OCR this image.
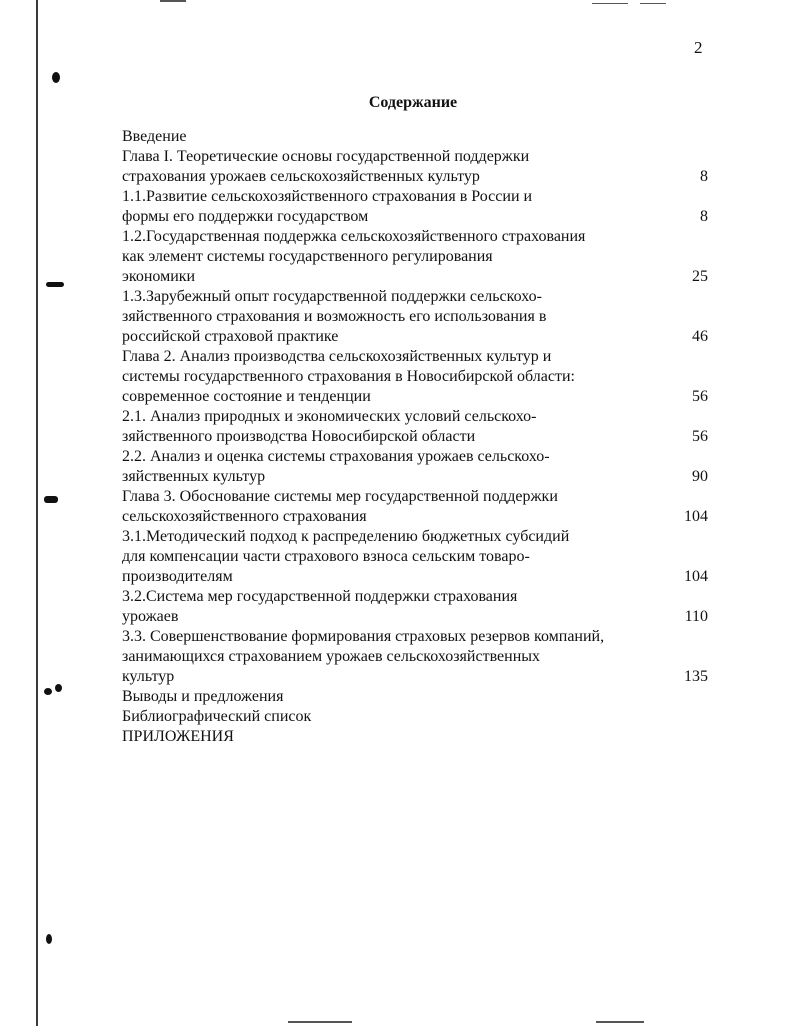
2
Содержание
Введение
Глава I. Теоретические основы государственной поддержки
страхования урожаев сельскохозяйственных культур	8
1.1.Развитие сельскохозяйственного страхования в России и
формы его поддержки государством	8
1.2.Государственная поддержка сельскохозяйственного страхования
как элемент системы государственного регулирования
экономики	25
1.3.Зарубежный опыт государственной поддержки сельскохо-
зяйственного страхования и возможность его использования в
российской страховой практике	46
Глава 2. Анализ производства сельскохозяйственных культур и
системы государственного страхования в Новосибирской области:
современное состояние и тенденции	56
2.1. Анализ природных и экономических условий сельскохо-
зяйственного производства Новосибирской области	56
2.2. Анализ и оценка системы страхования урожаев сельскохо-
зяйственных культур	90
Глава 3. Обоснование системы мер государственной поддержки
сельскохозяйственного страхования	104
3.1.Методический подход к распределению бюджетных субсидий
для компенсации части страхового взноса сельским товаро-
производителям	104
3.2.Система мер государственной поддержки страхования
урожаев	110
3.3. Совершенствование формирования страховых резервов компаний,
занимающихся страхованием урожаев сельскохозяйственных
культур	135
Выводы и предложения
Библиографический список
ПРИЛОЖЕНИЯ
